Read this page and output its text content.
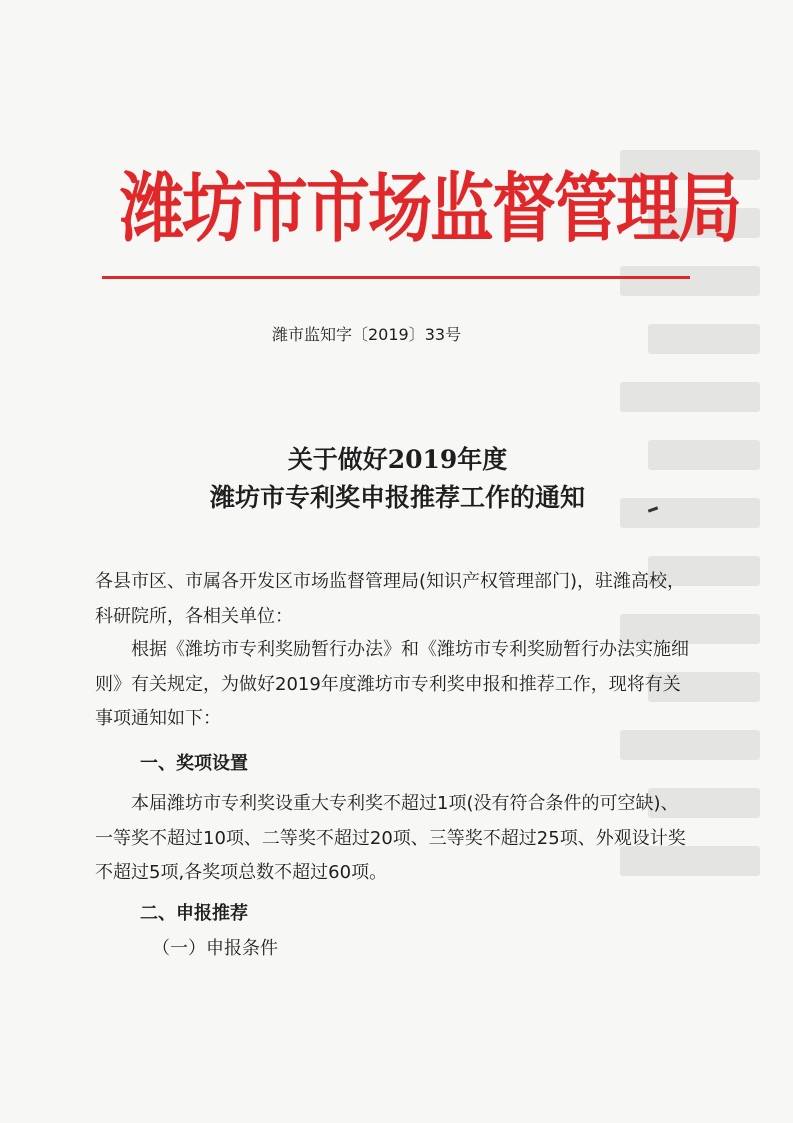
潍坊市市场监督管理局
潍市监知字〔2019〕33号
关于做好2019年度
潍坊市专利奖申报推荐工作的通知
各县市区、市属各开发区市场监督管理局(知识产权管理部门)，驻潍高校，科研院所，各相关单位：
根据《潍坊市专利奖励暂行办法》和《潍坊市专利奖励暂行办法实施细则》有关规定，为做好2019年度潍坊市专利奖申报和推荐工作，现将有关事项通知如下：
一、奖项设置
本届潍坊市专利奖设重大专利奖不超过1项(没有符合条件的可空缺)、一等奖不超过10项、二等奖不超过20项、三等奖不超过25项、外观设计奖不超过5项,各奖项总数不超过60项。
二、申报推荐
（一）申报条件
